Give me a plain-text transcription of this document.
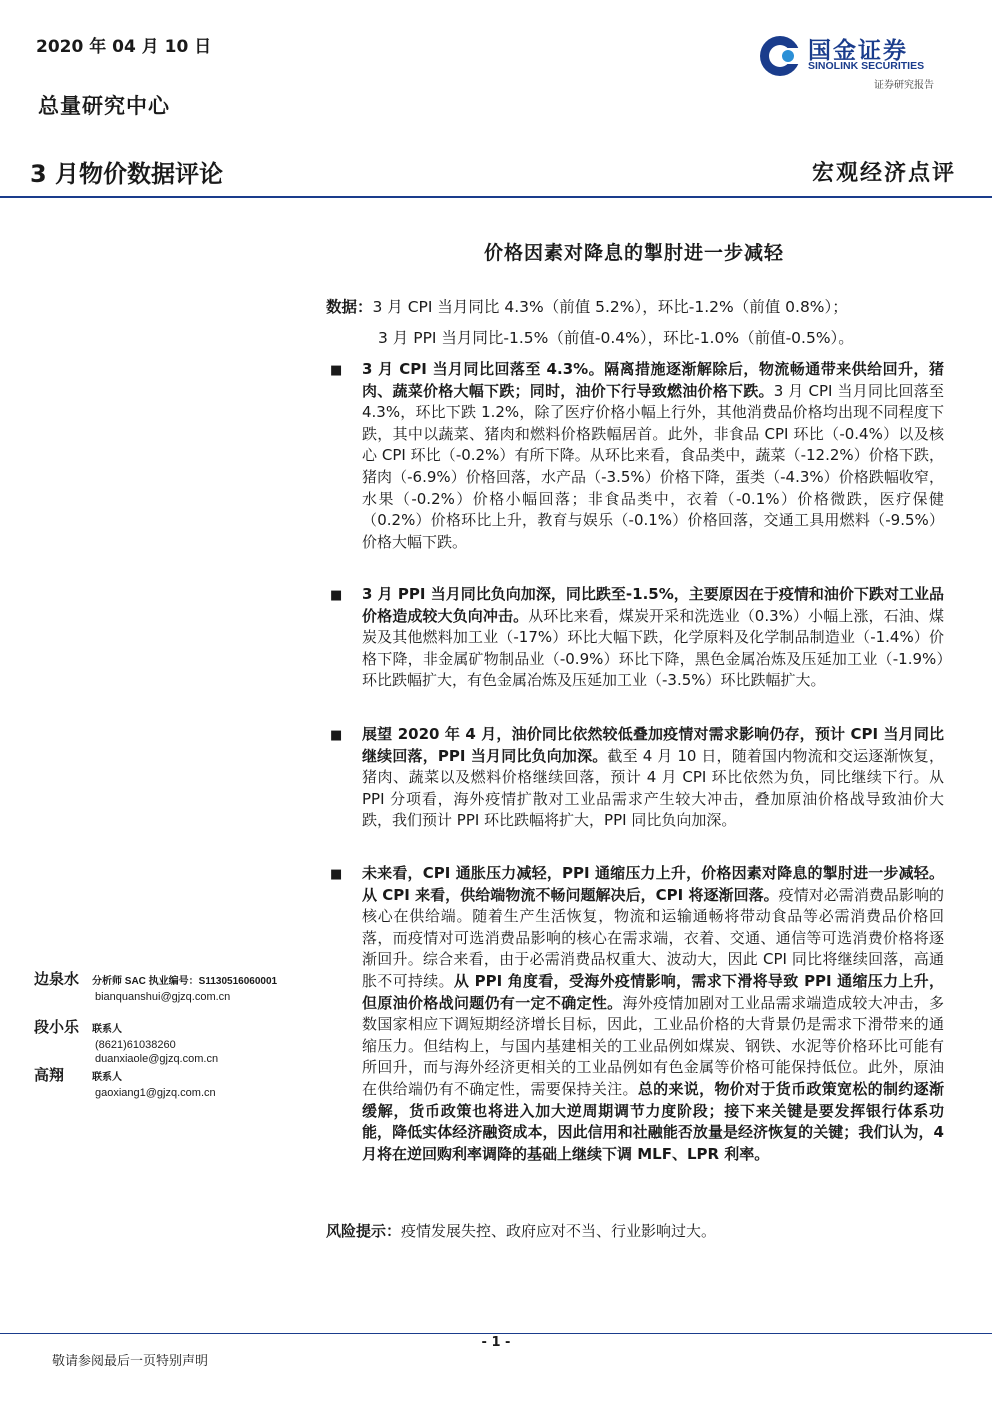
2020 年 04 月 10 日
总量研究中心
国金证券
SINOLINK SECURITIES
证券研究报告
3 月物价数据评论	宏观经济点评
价格因素对降息的掣肘进一步减轻
数据：3 月 CPI 当月同比 4.3%（前值 5.2%），环比-1.2%（前值 0.8%）；
3 月 PPI 当月同比-1.5%（前值-0.4%），环比-1.0%（前值-0.5%）。
■ 3 月 CPI 当月同比回落至 4.3%。隔离措施逐渐解除后，物流畅通带来供给回升，猪肉、蔬菜价格大幅下跌；同时，油价下行导致燃油价格下跌。3 月 CPI 当月同比回落至 4.3%，环比下跌 1.2%，除了医疗价格小幅上行外，其他消费品价格均出现不同程度下跌，其中以蔬菜、猪肉和燃料价格跌幅居首。此外，非食品 CPI 环比（-0.4%）以及核心 CPI 环比（-0.2%）有所下降。从环比来看，食品类中，蔬菜（-12.2%）价格下跌，猪肉（-6.9%）价格回落，水产品（-3.5%）价格下降，蛋类（-4.3%）价格跌幅收窄，水果（-0.2%）价格小幅回落；非食品类中，衣着（-0.1%）价格微跌，医疗保健（0.2%）价格环比上升，教育与娱乐（-0.1%）价格回落，交通工具用燃料（-9.5%）价格大幅下跌。
■ 3 月 PPI 当月同比负向加深，同比跌至-1.5%，主要原因在于疫情和油价下跌对工业品价格造成较大负向冲击。从环比来看，煤炭开采和洗选业（0.3%）小幅上涨，石油、煤炭及其他燃料加工业（-17%）环比大幅下跌，化学原料及化学制品制造业（-1.4%）价格下降，非金属矿物制品业（-0.9%）环比下降，黑色金属冶炼及压延加工业（-1.9%）环比跌幅扩大，有色金属冶炼及压延加工业（-3.5%）环比跌幅扩大。
■ 展望 2020 年 4 月，油价同比依然较低叠加疫情对需求影响仍存，预计 CPI 当月同比继续回落，PPI 当月同比负向加深。截至 4 月 10 日，随着国内物流和交运逐渐恢复，猪肉、蔬菜以及燃料价格继续回落，预计 4 月 CPI 环比依然为负，同比继续下行。从 PPI 分项看，海外疫情扩散对工业品需求产生较大冲击，叠加原油价格战导致油价大跌，我们预计 PPI 环比跌幅将扩大，PPI 同比负向加深。
■ 未来看，CPI 通胀压力减轻，PPI 通缩压力上升，价格因素对降息的掣肘进一步减轻。从 CPI 来看，供给端物流不畅问题解决后，CPI 将逐渐回落。疫情对必需消费品影响的核心在供给端。随着生产生活恢复，物流和运输通畅将带动食品等必需消费品价格回落，而疫情对可选消费品影响的核心在需求端，衣着、交通、通信等可选消费价格将逐渐回升。综合来看，由于必需消费品权重大、波动大，因此 CPI 同比将继续回落，高通胀不可持续。从 PPI 角度看，受海外疫情影响，需求下滑将导致 PPI 通缩压力上升，但原油价格战问题仍有一定不确定性。海外疫情加剧对工业品需求端造成较大冲击，多数国家相应下调短期经济增长目标，因此，工业品价格的大背景仍是需求下滑带来的通缩压力。但结构上，与国内基建相关的工业品例如煤炭、钢铁、水泥等价格环比可能有所回升，而与海外经济更相关的工业品例如有色金属等价格可能保持低位。此外，原油在供给端仍有不确定性，需要保持关注。总的来说，物价对于货币政策宽松的制约逐渐缓解，货币政策也将进入加大逆周期调节力度阶段；接下来关键是要发挥银行体系功能，降低实体经济融资成本，因此信用和社融能否放量是经济恢复的关键；我们认为，4 月将在逆回购利率调降的基础上继续下调 MLF、LPR 利率。
风险提示：疫情发展失控、政府应对不当、行业影响过大。
边泉水 分析师 SAC 执业编号：S1130516060001
bianquanshui@gjzq.com.cn
段小乐 联系人
(8621)61038260
duanxiaole@gjzq.com.cn
高翔	联系人
gaoxiang1@gjzq.com.cn
- 1 -
敬请参阅最后一页特别声明
